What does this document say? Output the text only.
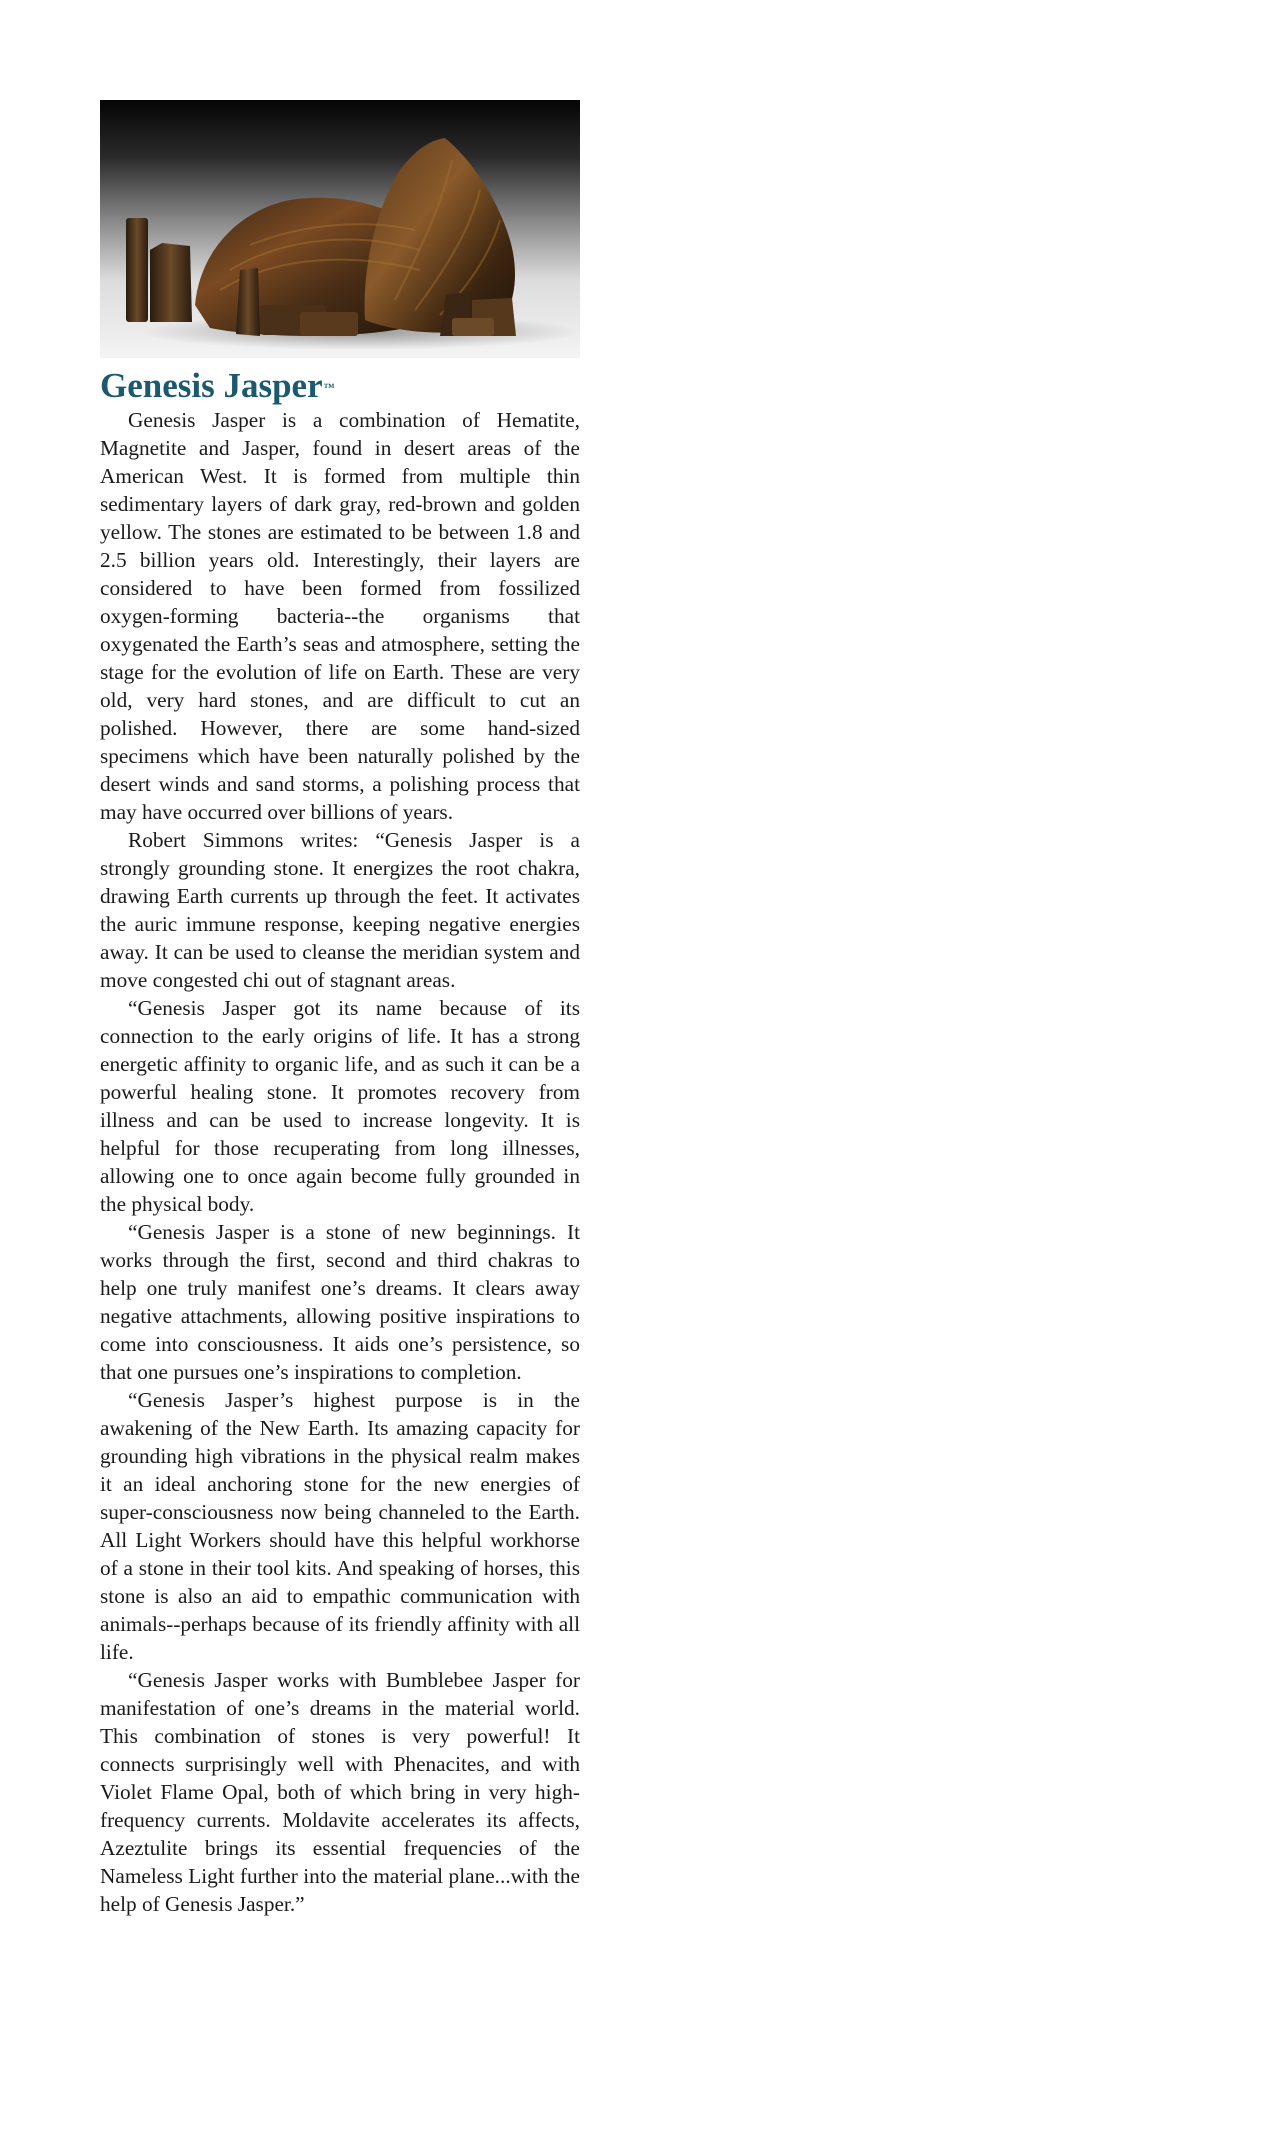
Genesis Jasper™

Genesis Jasper is a combination of Hematite, Magnetite and Jasper, found in desert areas of the American West. It is formed from multiple thin sedimentary layers of dark gray, red-brown and golden yellow. The stones are estimated to be between 1.8 and 2.5 billion years old. Interestingly, their layers are considered to have been formed from fossilized oxygen-forming bacteria--the organisms that oxygenated the Earth’s seas and atmosphere, setting the stage for the evolution of life on Earth. These are very old, very hard stones, and are difficult to cut an polished. However, there are some hand-sized specimens which have been naturally polished by the desert winds and sand storms, a polishing process that may have occurred over billions of years.

Robert Simmons writes: “Genesis Jasper is a strongly grounding stone. It energizes the root chakra, drawing Earth currents up through the feet. It activates the auric immune response, keeping negative energies away. It can be used to cleanse the meridian system and move congested chi out of stagnant areas.

“Genesis Jasper got its name because of its connection to the early origins of life. It has a strong energetic affinity to organic life, and as such it can be a powerful healing stone. It promotes recovery from illness and can be used to increase longevity. It is helpful for those recuperating from long illnesses, allowing one to once again become fully grounded in the physical body.

“Genesis Jasper is a stone of new beginnings. It works through the first, second and third chakras to help one truly manifest one’s dreams. It clears away negative attachments, allowing positive inspirations to come into consciousness. It aids one’s persistence, so that one pursues one’s inspirations to completion.

“Genesis Jasper’s highest purpose is in the awakening of the New Earth. Its amazing capacity for grounding high vibrations in the physical realm makes it an ideal anchoring stone for the new energies of super-consciousness now being channeled to the Earth. All Light Workers should have this helpful workhorse of a stone in their tool kits. And speaking of horses, this stone is also an aid to empathic communication with animals--perhaps because of its friendly affinity with all life.

“Genesis Jasper works with Bumblebee Jasper for manifestation of one’s dreams in the material world. This combination of stones is very powerful! It connects surprisingly well with Phenacites, and with Violet Flame Opal, both of which bring in very high-frequency currents. Moldavite accelerates its affects, Azeztulite brings its essential frequencies of the Nameless Light further into the material plane...with the help of Genesis Jasper.”
